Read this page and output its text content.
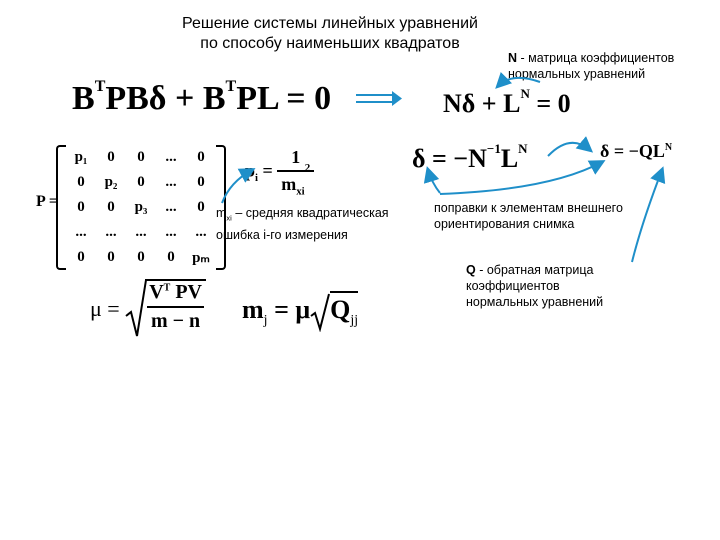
Решение системы линейных уравнений
по способу наименьших квадратов
N - матрица коэффициентов
нормальных уравнений
$B^TPB\delta + B^TPL = 0$	$N\delta + L^N = 0$
P =
p₁	0	0	...	0
0	p₂	0	...	0
0	0	p₃	...	0
...	...	...	...	...
0	0	0	0	pₘ
$p_i = \frac{1}{m_{xi}^2}$
$m_{xi}$ – средняя квадратическая
ошибка i-го измерения
$\delta = -N^{-1}L^N$	$\delta = -QL^N$
поправки к элементам внешнего
ориентирования снимка
Q - обратная матрица
коэффициентов
нормальных уравнений
$\mu = \frac{V^T PV}{m - n} m_j = \mu$ $Q_{jj}$
